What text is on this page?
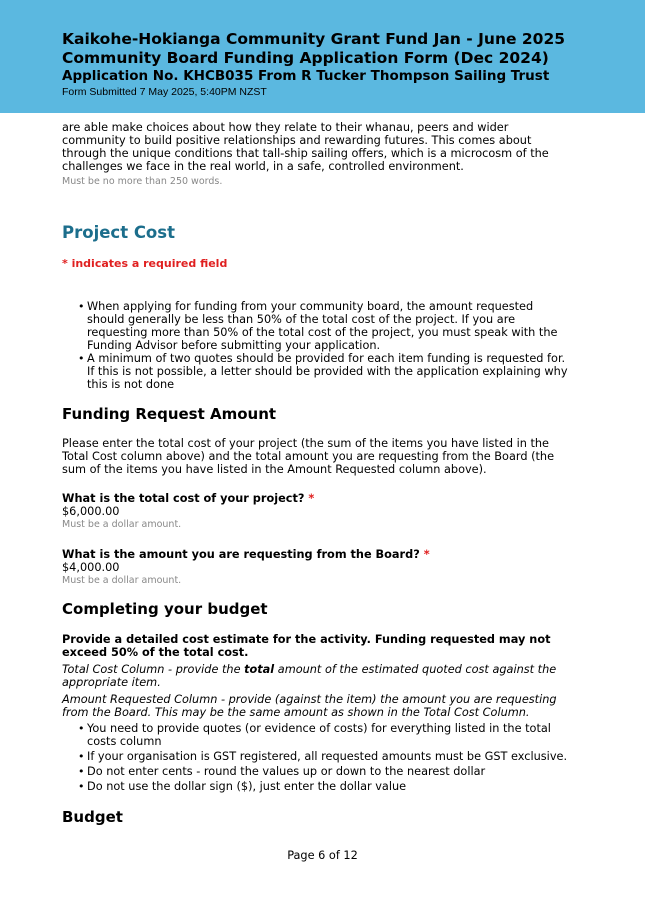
Kaikohe-Hokianga Community Grant Fund Jan - June 2025
Community Board Funding Application Form (Dec 2024)
Application No. KHCB035 From R Tucker Thompson Sailing Trust
Form Submitted 7 May 2025, 5:40PM NZST

are able make choices about how they relate to their whanau, peers and wider community to build positive relationships and rewarding futures. This comes about through the unique conditions that tall-ship sailing offers, which is a microcosm of the challenges we face in the real world, in a safe, controlled environment.

Must be no more than 250 words.
Project Cost
* indicates a required field
• When applying for funding from your community board, the amount requested should generally be less than 50% of the total cost of the project. If you are requesting more than 50% of the total cost of the project, you must speak with the Funding Advisor before submitting your application.
• A minimum of two quotes should be provided for each item funding is requested for. If this is not possible, a letter should be provided with the application explaining why this is not done
Funding Request Amount

Please enter the total cost of your project (the sum of the items you have listed in the Total Cost column above) and the total amount you are requesting from the Board (the sum of the items you have listed in the Amount Requested column above).

What is the total cost of your project? *

$6,000.00

Must be a dollar amount.
What is the amount you are requesting from the Board? *

$4,000.00

Must be a dollar amount.
Completing your budget

Provide a detailed cost estimate for the activity. Funding requested may not exceed 50% of the total cost.

Total Cost Column - provide the total amount of the estimated quoted cost against the appropriate item.

Amount Requested Column - provide (against the item) the amount you are requesting from the Board. This may be the same amount as shown in the Total Cost Column.

• You need to provide quotes (or evidence of costs) for everything listed in the total costs column
• If your organisation is GST registered, all requested amounts must be GST exclusive.
• Do not enter cents - round the values up or down to the nearest dollar
• Do not use the dollar sign ($), just enter the dollar value
Budget
Page 6 of 12
